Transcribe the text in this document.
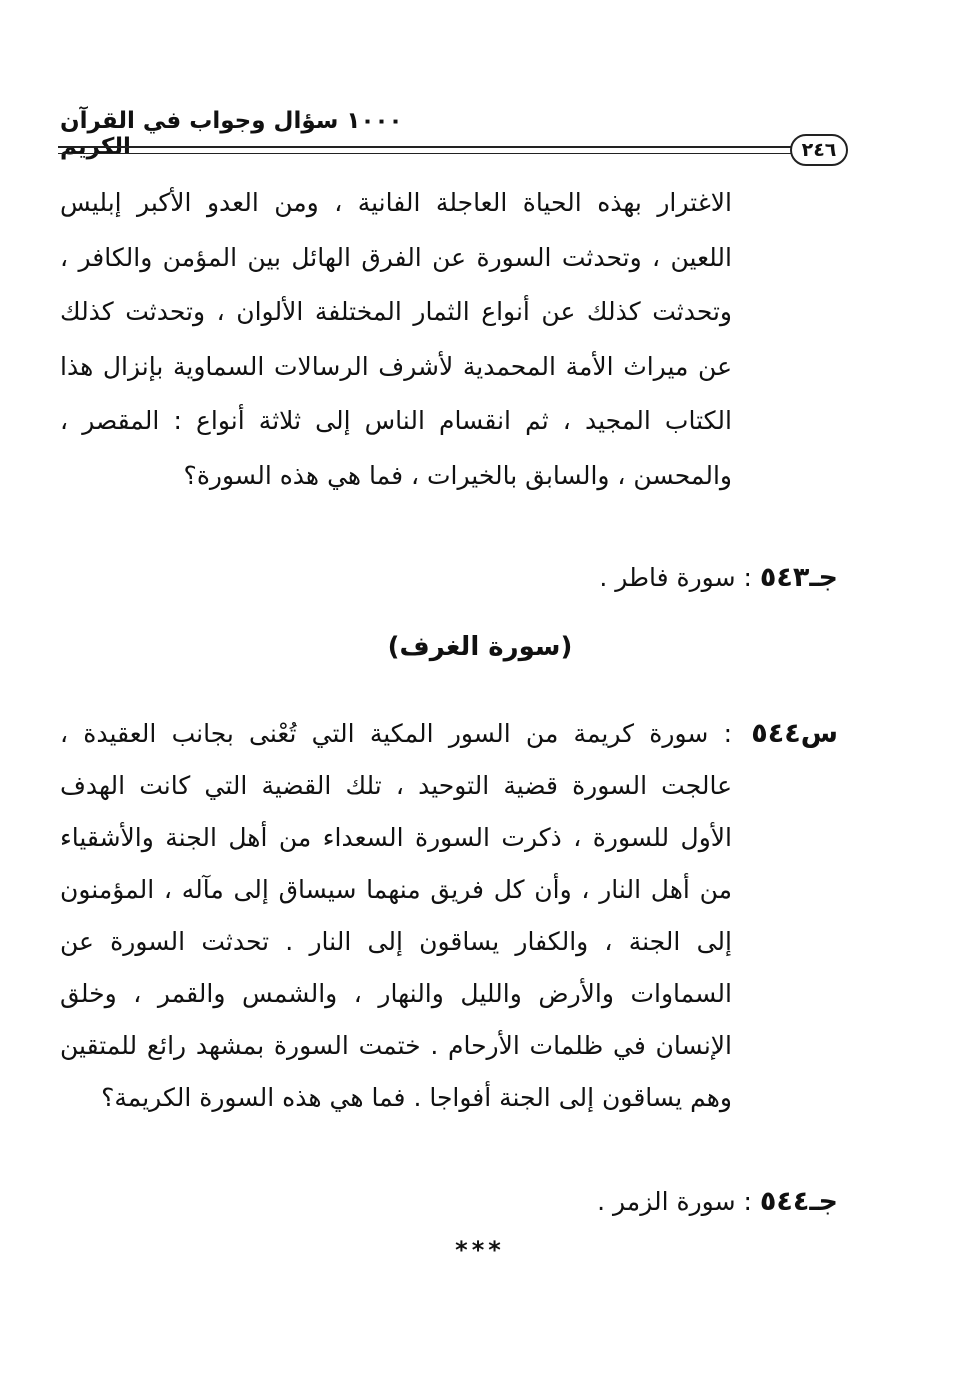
١٠٠٠ سؤال وجواب في القرآن الكريم	٢٤٦
الاغترار بهذه الحياة العاجلة الفانية ، ومن العدو الأكبر إبليس اللعين ، وتحدثت السورة عن الفرق الهائل بين المؤمن والكافر ، وتحدثت كذلك عن أنواع الثمار المختلفة الألوان ، وتحدثت كذلك عن ميراث الأمة المحمدية لأشرف الرسالات السماوية بإنزال هذا الكتاب المجيد ، ثم انقسام الناس إلى ثلاثة أنواع : المقصر ، والمحسن ، والسابق بالخيرات ، فما هي هذه السورة؟
جـ٥٤٣ : سورة فاطر .
(سورة الغرف)
س٥٤٤
: سورة كريمة من السور المكية التي تُعْنى بجانب العقيدة ، عالجت السورة قضية التوحيد ، تلك القضية التي كانت الهدف الأول للسورة ، ذكرت السورة السعداء من أهل الجنة والأشقياء من أهل النار ، وأن كل فريق منهما سيساق إلى مآله ، المؤمنون إلى الجنة ، والكفار يساقون إلى النار . تحدثت السورة عن السماوات والأرض والليل والنهار ، والشمس والقمر ، وخلق الإنسان في ظلمات الأرحام . ختمت السورة بمشهد رائع للمتقين وهم يساقون إلى الجنة أفواجا . فما هي هذه السورة الكريمة؟
جـ٥٤٤ : سورة الزمر .
***
